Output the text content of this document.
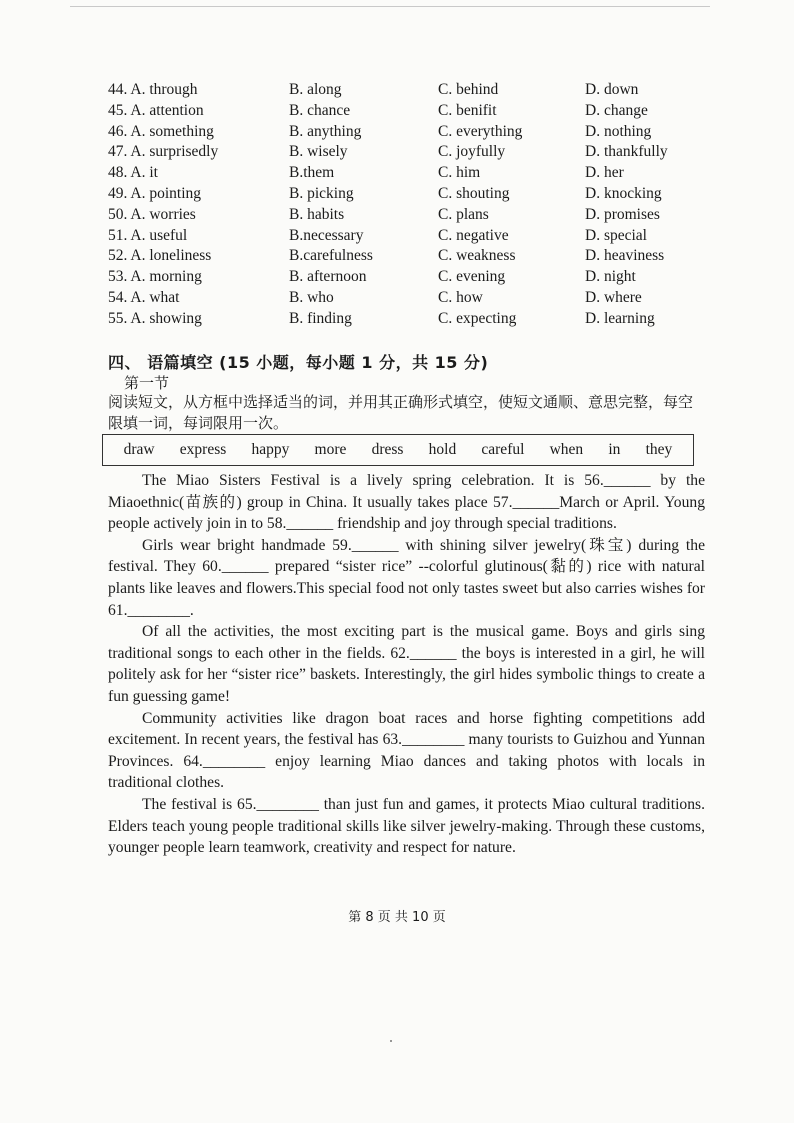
44. A. through	B. along	C. behind	D. down
45. A. attention	B. chance	C. benifit	D. change
46. A. something	B. anything	C. everything	D. nothing
47. A. surprisedly	B. wisely	C. joyfully	D. thankfully
48. A. it	B.them	C. him	D. her
49. A. pointing	B. picking	C. shouting	D. knocking
50. A. worries	B. habits	C. plans	D. promises
51. A. useful	B.necessary	C. negative	D. special
52. A. loneliness	B.carefulness	C. weakness	D. heaviness
53. A. morning	B. afternoon	C. evening	D. night
54. A. what	B. who	C. how	D. where
55. A. showing	B. finding	C. expecting	D. learning
四、 语篇填空 (15 小题，每小题 1 分，共 15 分)
第一节
阅读短文，从方框中选择适当的词，并用其正确形式填空，使短文通顺、意思完整，每空限填一词，每词限用一次。
draw express happy more dress hold careful when in they

The Miao Sisters Festival is a lively spring celebration. It is 56.______ by the Miaoethnic(苗族的) group in China. It usually takes place 57.______March or April. Young people actively join in to 58.______ friendship and joy through special traditions.

Girls wear bright handmade 59.______ with shining silver jewelry(珠宝) during the festival. They 60.______ prepared “sister rice” --colorful glutinous(黏的) rice with natural plants like leaves and flowers.This special food not only tastes sweet but also carries wishes for 61.________.

Of all the activities, the most exciting part is the musical game. Boys and girls sing traditional songs to each other in the fields. 62.______ the boys is interested in a girl, he will politely ask for her “sister rice” baskets. Interestingly, the girl hides symbolic things to create a fun guessing game!

Community activities like dragon boat races and horse fighting competitions add excitement. In recent years, the festival has 63.________ many tourists to Guizhou and Yunnan Provinces. 64.________ enjoy learning Miao dances and taking photos with locals in traditional clothes.

The festival is 65.________ than just fun and games, it protects Miao cultural traditions. Elders teach young people traditional skills like silver jewelry-making. Through these customs, younger people learn teamwork, creativity and respect for nature.

第 8 页 共 10 页
